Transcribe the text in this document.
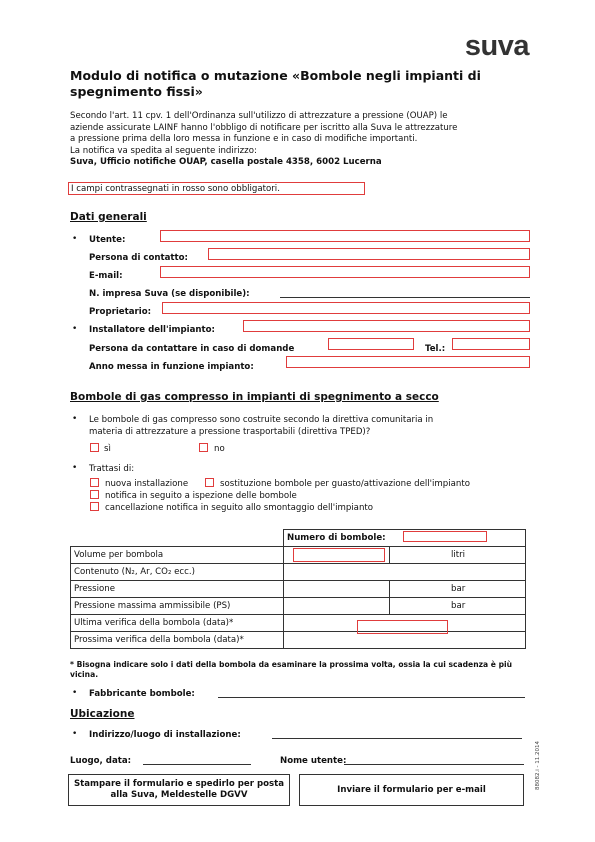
suva
Modulo di notifica o mutazione «Bombole negli impianti di spegnimento fissi»
Secondo l'art. 11 cpv. 1 dell'Ordinanza sull'utilizzo di attrezzature a pressione (OUAP) le
aziende assicurate LAINF hanno l'obbligo di notificare per iscritto alla Suva le attrezzature
a pressione prima della loro messa in funzione e in caso di modifiche importanti.
La notifica va spedita al seguente indirizzo:
Suva, Ufficio notifiche OUAP, casella postale 4358, 6002 Lucerna
I campi contrassegnati in rosso sono obbligatori.
Dati generali
• Utente:
Persona di contatto:
E-mail:
N. impresa Suva (se disponibile):
Proprietario:
• Installatore dell'impianto:
Persona da contattare in caso di domande	Tel.:
Anno messa in funzione impianto:
Bombole di gas compresso in impianti di spegnimento a secco
• Le bombole di gas compresso sono costruite secondo la direttiva comunitaria in
materia di attrezzature a pressione trasportabili (direttiva TPED)?
sì	no
• Trattasi di:
nuova installazione	sostituzione bombole per guasto/attivazione dell'impianto
notifica in seguito a ispezione delle bombole
cancellazione notifica in seguito allo smontaggio dell'impianto
	Numero di bombole:	
Volume per bombola		litri
Contenuto (N₂, Ar, CO₂ ecc.)		
Pressione		bar
Pressione massima ammissibile (PS)		bar
Ultima verifica della bombola (data)*		
Prossima verifica della bombola (data)*		
* Bisogna indicare solo i dati della bombola da esaminare la prossima volta, ossia la cui scadenza è più vicina.
• Fabbricante bombole:
Ubicazione
• Indirizzo/luogo di installazione:
Luogo, data:	Nome utente:
Stampare il formulario e spedirlo per posta alla Suva, Meldestelle DGVV
Inviare il formulario per e-mail	88082.i - 11.2014
